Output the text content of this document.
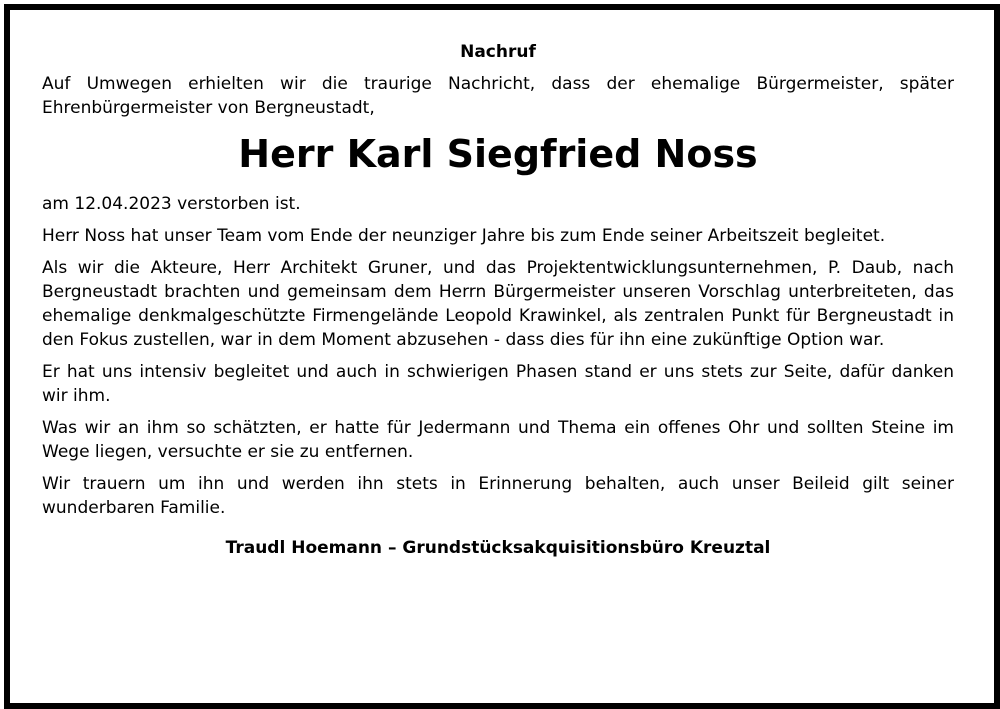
Nachruf
Auf Umwegen erhielten wir die traurige Nachricht, dass der ehemalige Bürgermeister, später Ehrenbürgermeister von Bergneustadt,
Herr Karl Siegfried Noss
am 12.04.2023 verstorben ist.
Herr Noss hat unser Team vom Ende der neunziger Jahre bis zum Ende seiner Arbeitszeit begleitet.
Als wir die Akteure, Herr Architekt Gruner, und das Projektentwicklungsunternehmen, P. Daub, nach Bergneustadt brachten und gemeinsam dem Herrn Bürgermeister unseren Vorschlag unterbreiteten, das ehemalige denkmalgeschützte Firmengelände Leopold Krawinkel, als zentralen Punkt für Bergneustadt in den Fokus zustellen, war in dem Moment abzusehen - dass dies für ihn eine zukünftige Option war.
Er hat uns intensiv begleitet und auch in schwierigen Phasen stand er uns stets zur Seite, dafür danken wir ihm.
Was wir an ihm so schätzten, er hatte für Jedermann und Thema ein offenes Ohr und sollten Steine im Wege liegen, versuchte er sie zu entfernen.
Wir trauern um ihn und werden ihn stets in Erinnerung behalten, auch unser Beileid gilt seiner wunderbaren Familie.
Traudl Hoemann – Grundstücksakquisitionsbüro Kreuztal
